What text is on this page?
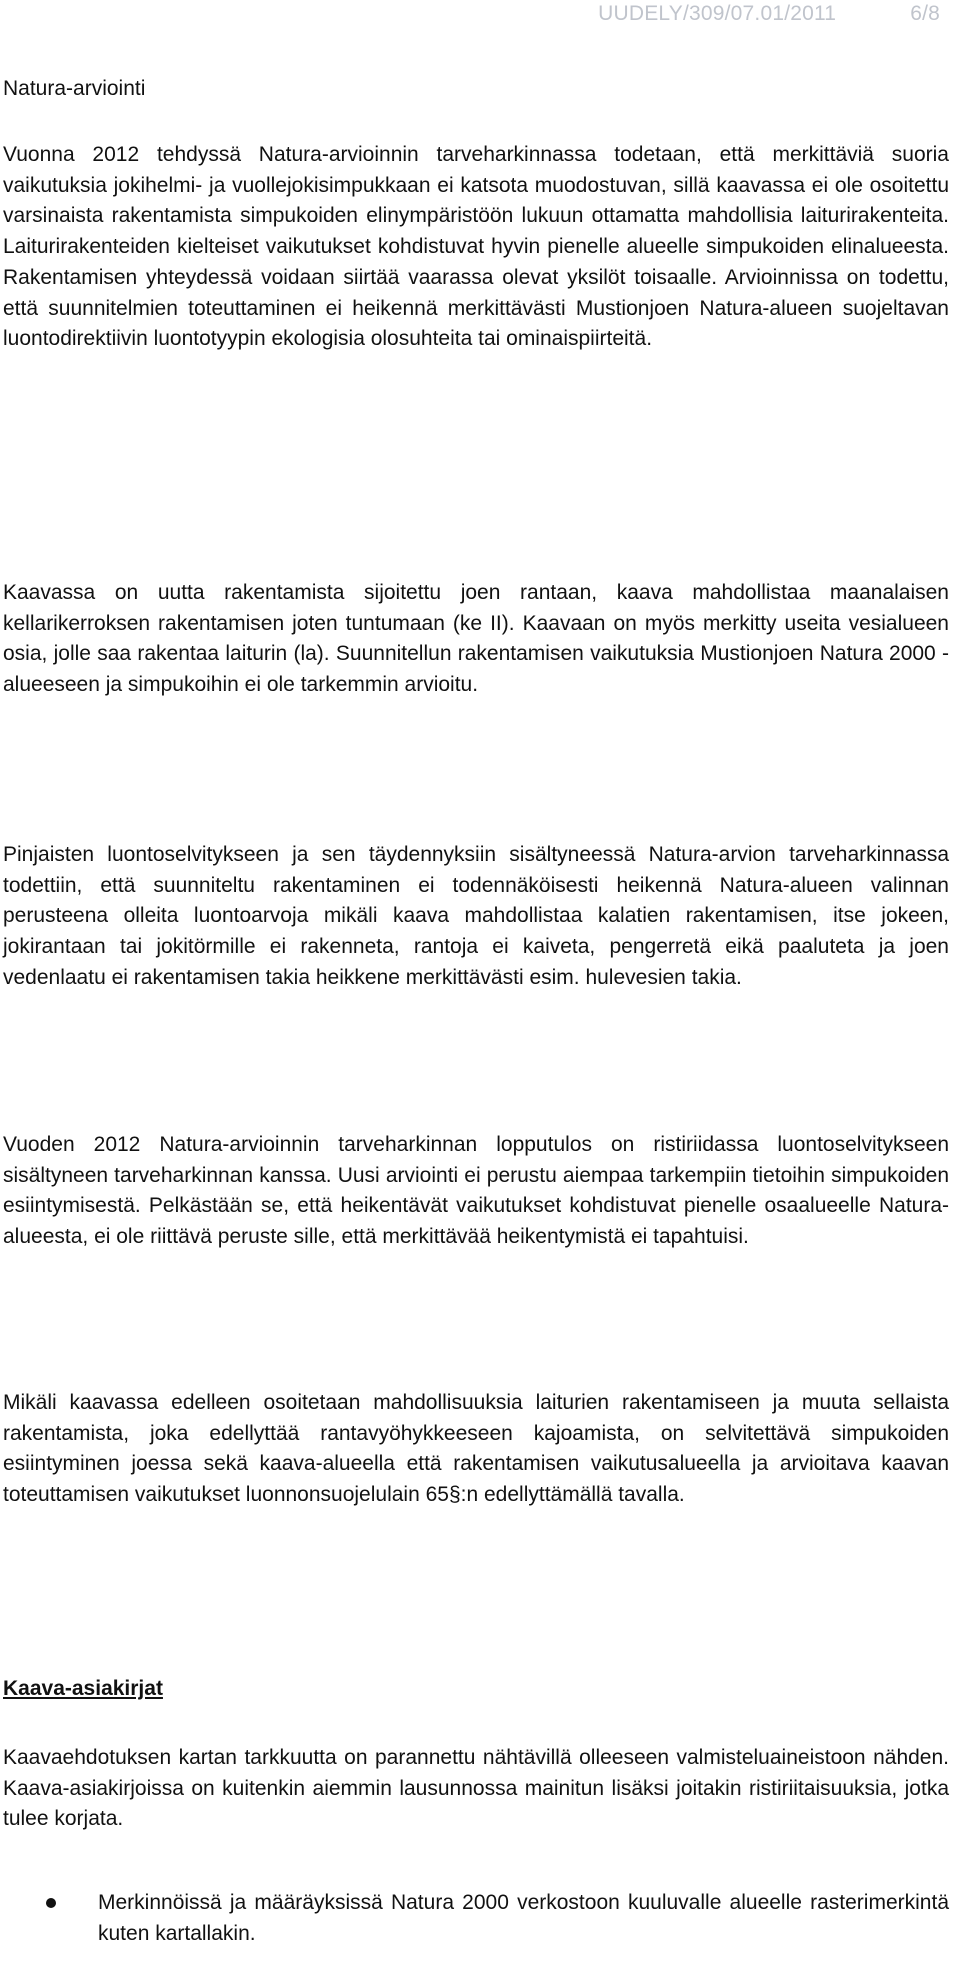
UUDELY/309/07.01/2011	6/8
Natura-arviointi

Vuonna 2012 tehdyssä Natura-arvioinnin tarveharkinnassa todetaan, että merkittäviä suoria vaikutuksia jokihelmi- ja vuollejokisimpukkaan ei katsota muodostuvan, sillä kaavassa ei ole osoitettu varsinaista rakentamista simpukoiden elinympäristöön lukuun ottamatta mahdollisia laiturirakenteita. Laiturirakenteiden kielteiset vaikutukset kohdistuvat hyvin pienelle alueelle simpukoiden elinalueesta. Rakentamisen yhteydessä voidaan siirtää vaarassa olevat yksilöt toisaalle. Arvioinnissa on todettu, että suunnitelmien toteuttaminen ei heikennä merkittävästi Mustionjoen Natura-alueen suojeltavan luontodirektiivin luontotyypin ekologisia olosuhteita tai ominaispiirteitä.

Kaavassa on uutta rakentamista sijoitettu joen rantaan, kaava mahdollistaa maanalaisen kellarikerroksen rakentamisen joten tuntumaan (ke II). Kaavaan on myös merkitty useita vesialueen osia, jolle saa rakentaa laiturin (la). Suunnitellun rakentamisen vaikutuksia Mustionjoen Natura 2000 -alueeseen ja simpukoihin ei ole tarkemmin arvioitu.

Pinjaisten luontoselvitykseen ja sen täydennyksiin sisältyneessä Natura-arvion tarveharkinnassa todettiin, että suunniteltu rakentaminen ei todennäköisesti heikennä Natura-alueen valinnan perusteena olleita luontoarvoja mikäli kaava mahdollistaa kalatien rakentamisen, itse jokeen, jokirantaan tai jokitörmille ei rakenneta, rantoja ei kaiveta, pengerretä eikä paaluteta ja joen vedenlaatu ei rakentamisen takia heikkene merkittävästi esim. hulevesien takia.

Vuoden 2012 Natura-arvioinnin tarveharkinnan lopputulos on ristiriidassa luontoselvitykseen sisältyneen tarveharkinnan kanssa. Uusi arviointi ei perustu aiempaa tarkempiin tietoihin simpukoiden esiintymisestä. Pelkästään se, että heikentävät vaikutukset kohdistuvat pienelle osaalueelle Natura-alueesta, ei ole riittävä peruste sille, että merkittävää heikentymistä ei tapahtuisi.

Mikäli kaavassa edelleen osoitetaan mahdollisuuksia laiturien rakentamiseen ja muuta sellaista rakentamista, joka edellyttää rantavyöhykkeeseen kajoamista, on selvitettävä simpukoiden esiintyminen joessa sekä kaava-alueella että rakentamisen vaikutusalueella ja arvioitava kaavan toteuttamisen vaikutukset luonnonsuojelulain 65§:n edellyttämällä tavalla.

Kaava-asiakirjat

Kaavaehdotuksen kartan tarkkuutta on parannettu nähtävillä olleeseen valmisteluaineistoon nähden. Kaava-asiakirjoissa on kuitenkin aiemmin lausunnossa mainitun lisäksi joitakin ristiriitaisuuksia, jotka tulee korjata.

Merkinnöissä ja määräyksissä Natura 2000 verkostoon kuuluvalle alueelle rasterimerkintä kuten kartallakin.
